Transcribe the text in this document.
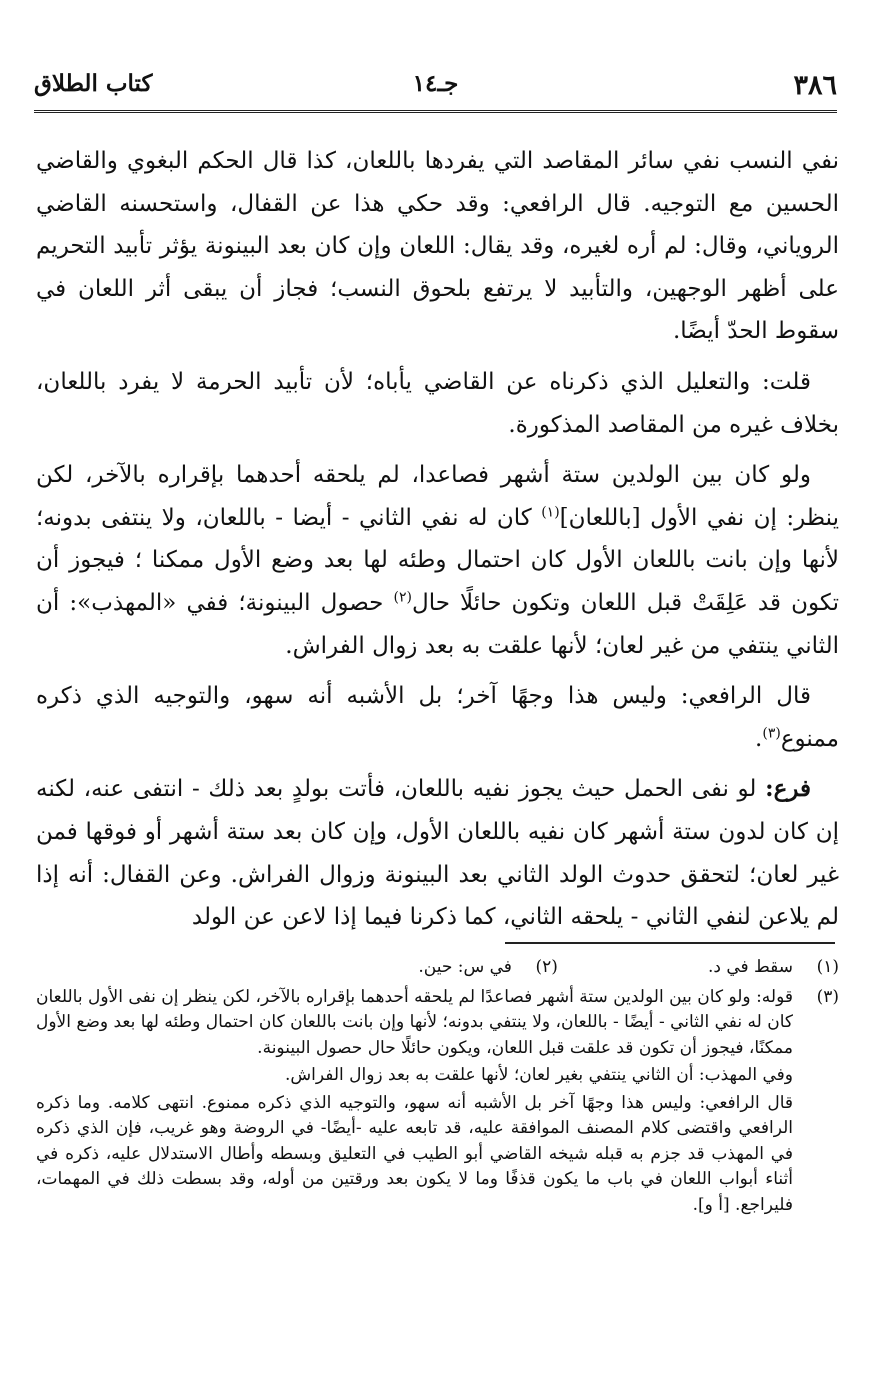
٣٨٦
جـ١٤
كتاب الطلاق

نفي النسب نفي سائر المقاصد التي يفردها باللعان، كذا قال الحكم البغوي والقاضي الحسين مع التوجيه. قال الرافعي: وقد حكي هذا عن القفال، واستحسنه القاضي الروياني، وقال: لم أره لغيره، وقد يقال: اللعان وإن كان بعد البينونة يؤثر تأبيد التحريم على أظهر الوجهين، والتأبيد لا يرتفع بلحوق النسب؛ فجاز أن يبقى أثر اللعان في سقوط الحدّ أيضًا.

قلت: والتعليل الذي ذكرناه عن القاضي يأباه؛ لأن تأبيد الحرمة لا يفرد باللعان، بخلاف غيره من المقاصد المذكورة.

ولو كان بين الولدين ستة أشهر فصاعدا، لم يلحقه أحدهما بإقراره بالآخر، لكن ينظر: إن نفي الأول [باللعان]$^{(١)}$ كان له نفي الثاني - أيضا - باللعان، ولا ينتفى بدونه؛ لأنها وإن بانت باللعان الأول كان احتمال وطئه لها بعد وضع الأول ممكنا ؛ فيجوز أن تكون قد عَلِقَتْ قبل اللعان وتكون حائلًا حال$^{(٢)}$ حصول البينونة؛ ففي «المهذب»: أن الثاني ينتفي من غير لعان؛ لأنها علقت به بعد زوال الفراش.

قال الرافعي: وليس هذا وجهًا آخر؛ بل الأشبه أنه سهو، والتوجيه الذي ذكره ممنوع$^{(٣)}$.

فرع: لو نفى الحمل حيث يجوز نفيه باللعان، فأتت بولدٍ بعد ذلك - انتفى عنه، لكنه إن كان لدون ستة أشهر كان نفيه باللعان الأول، وإن كان بعد ستة أشهر أو فوقها فمن غير لعان؛ لتحقق حدوث الولد الثاني بعد البينونة وزوال الفراش. وعن القفال: أنه إذا لم يلاعن لنفي الثاني - يلحقه الثاني، كما ذكرنا فيما إذا لاعن عن الولد

(١)
سقط في د.
(٢)
في س: حين.
(٣)

قوله: ولو كان بين الولدين ستة أشهر فصاعدًا لم يلحقه أحدهما بإقراره بالآخر، لكن ينظر إن نفى الأول باللعان كان له نفي الثاني - أيضًا - باللعان، ولا ينتفي بدونه؛ لأنها وإن بانت باللعان كان احتمال وطئه لها بعد وضع الأول ممكنًا، فيجوز أن تكون قد علقت قبل اللعان، ويكون حائلًا حال حصول البينونة.

وفي المهذب: أن الثاني ينتفي بغير لعان؛ لأنها علقت به بعد زوال الفراش.

قال الرافعي: وليس هذا وجهًا آخر بل الأشبه أنه سهو، والتوجيه الذي ذكره ممنوع. انتهى كلامه. وما ذكره الرافعي واقتضى كلام المصنف الموافقة عليه، قد تابعه عليه -أيضًا- في الروضة وهو غريب، فإن الذي ذكره في المهذب قد جزم به قبله شيخه القاضي أبو الطيب في التعليق وبسطه وأطال الاستدلال عليه، ذكره في أثناء أبواب اللعان في باب ما يكون قذفًا وما لا يكون بعد ورقتين من أوله، وقد بسطت ذلك في المهمات، فليراجع. [أ و].
